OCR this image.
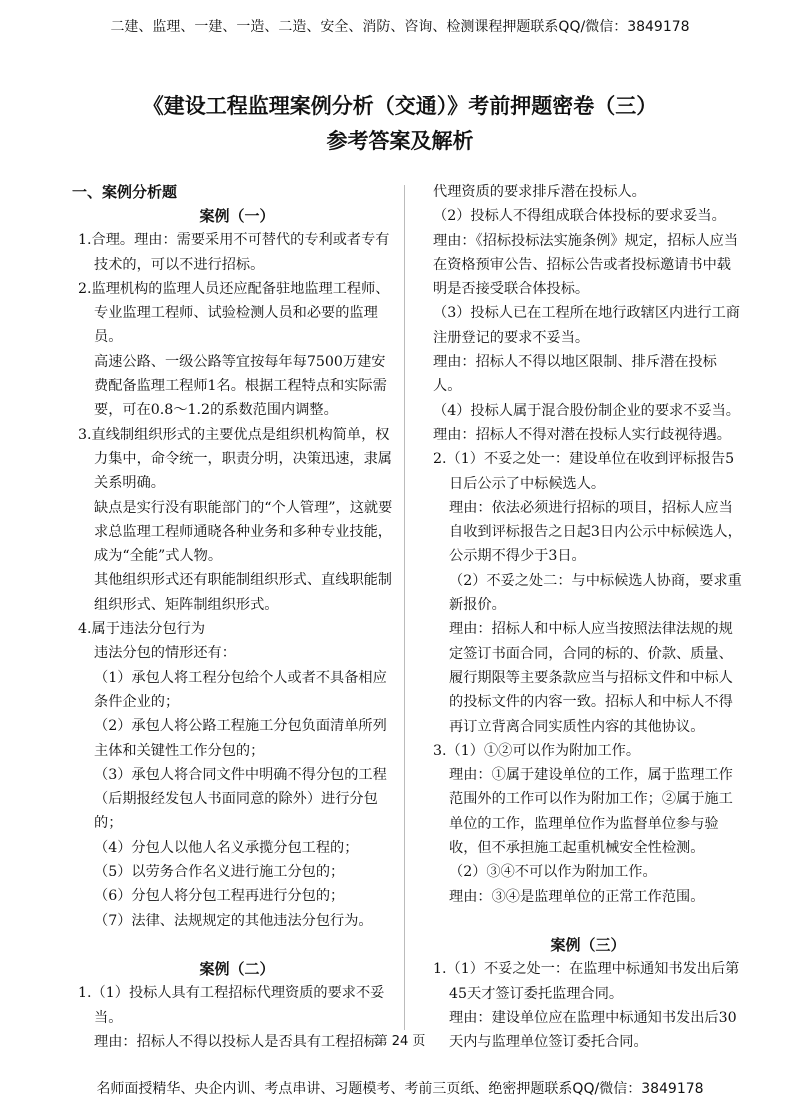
二建、监理、一建、一造、二造、安全、消防、咨询、检测课程押题联系QQ/微信：3849178
《建设工程监理案例分析（交通）》考前押题密卷（三）
参考答案及解析
一、案例分析题
案例（一）

1.合理。理由：需要采用不可替代的专利或者专有技术的，可以不进行招标。

2.监理机构的监理人员还应配备驻地监理工程师、专业监理工程师、试验检测人员和必要的监理员。

高速公路、一级公路等宜按每年每7500万建安费配备监理工程师1名。根据工程特点和实际需要，可在0.8～1.2的系数范围内调整。

3.直线制组织形式的主要优点是组织机构简单，权力集中，命令统一，职责分明，决策迅速，隶属关系明确。

缺点是实行没有职能部门的“个人管理”，这就要求总监理工程师通晓各种业务和多种专业技能，成为“全能”式人物。

其他组织形式还有职能制组织形式、直线职能制组织形式、矩阵制组织形式。

4.属于违法分包行为

违法分包的情形还有：

（1）承包人将工程分包给个人或者不具备相应条件企业的；

（2）承包人将公路工程施工分包负面清单所列主体和关键性工作分包的；

（3）承包人将合同文件中明确不得分包的工程（后期报经发包人书面同意的除外）进行分包的；

（4）分包人以他人名义承揽分包工程的；

（5）以劳务合作名义进行施工分包的；

（6）分包人将分包工程再进行分包的；

（7）法律、法规规定的其他违法分包行为。

案例（二）

1.（1）投标人具有工程招标代理资质的要求不妥当。

理由：招标人不得以投标人是否具有工程招标

代理资质的要求排斥潜在投标人。

（2）投标人不得组成联合体投标的要求妥当。

理由：《招标投标法实施条例》规定，招标人应当在资格预审公告、招标公告或者投标邀请书中载明是否接受联合体投标。

（3）投标人已在工程所在地行政辖区内进行工商注册登记的要求不妥当。

理由：招标人不得以地区限制、排斥潜在投标人。

（4）投标人属于混合股份制企业的要求不妥当。

理由：招标人不得对潜在投标人实行歧视待遇。

2.（1）不妥之处一：建设单位在收到评标报告5日后公示了中标候选人。

理由：依法必须进行招标的项目，招标人应当自收到评标报告之日起3日内公示中标候选人，公示期不得少于3日。

（2）不妥之处二：与中标候选人协商，要求重新报价。

理由：招标人和中标人应当按照法律法规的规定签订书面合同，合同的标的、价款、质量、履行期限等主要条款应当与招标文件和中标人的投标文件的内容一致。招标人和中标人不得再订立背离合同实质性内容的其他协议。

3.（1）①②可以作为附加工作。

理由：①属于建设单位的工作，属于监理工作范围外的工作可以作为附加工作；②属于施工单位的工作，监理单位作为监督单位参与验收，但不承担施工起重机械安全性检测。

（2）③④不可以作为附加工作。

理由：③④是监理单位的正常工作范围。

案例（三）

1.（1）不妥之处一：在监理中标通知书发出后第45天才签订委托监理合同。

理由：建设单位应在监理中标通知书发出后30天内与监理单位签订委托合同。

第 24 页
名师面授精华、央企内训、考点串讲、习题模考、考前三页纸、绝密押题联系QQ/微信：3849178
